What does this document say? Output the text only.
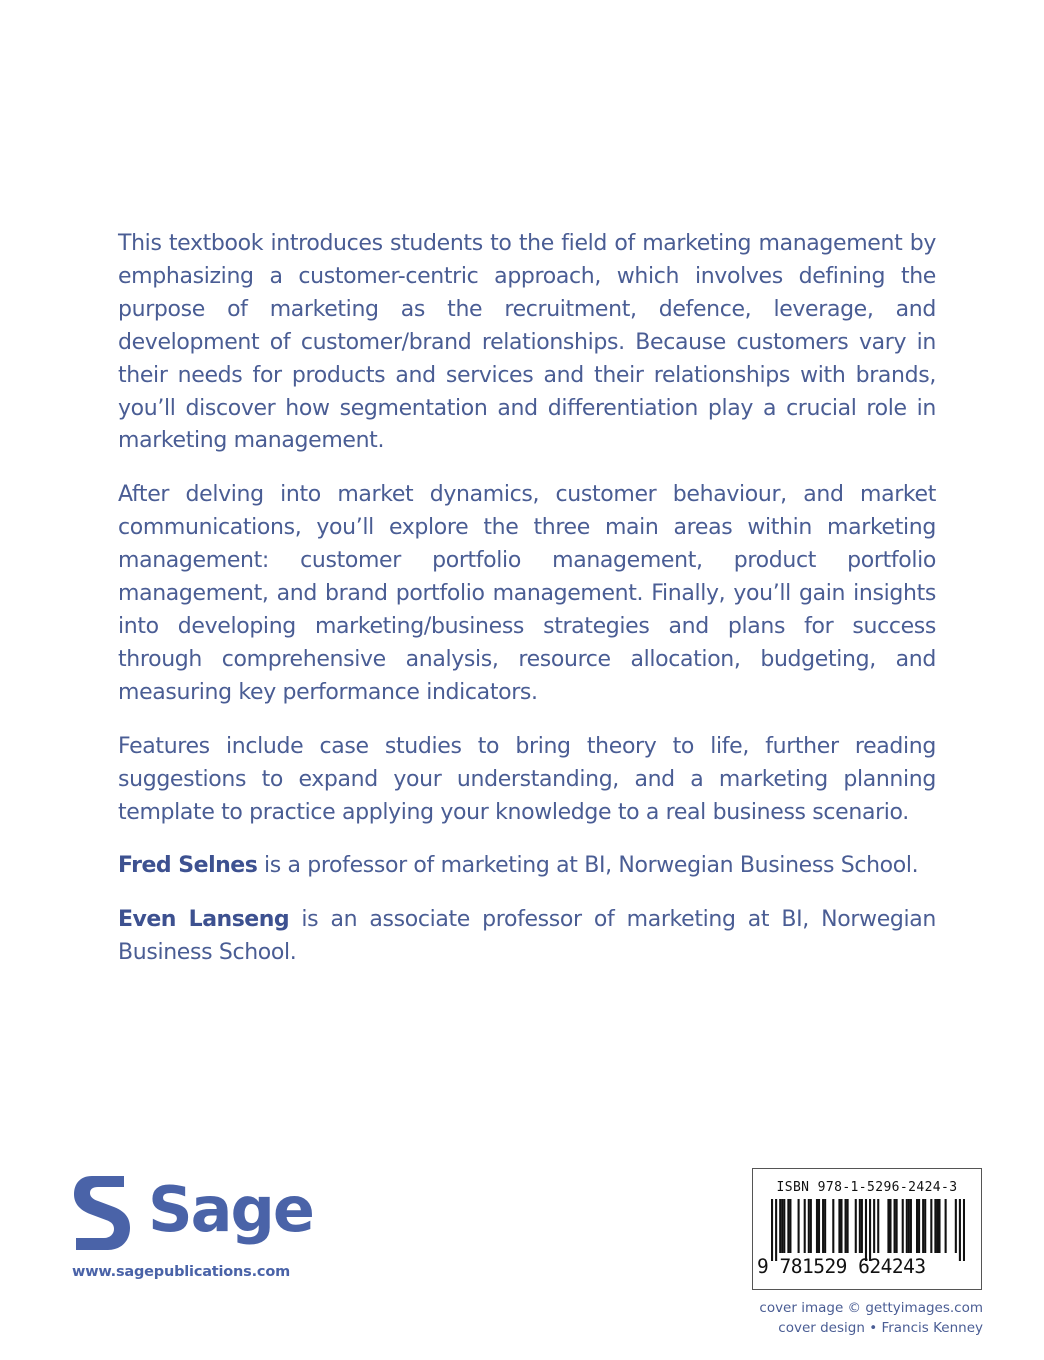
This textbook introduces students to the field of marketing management by emphasizing a customer-centric approach, which involves defining the purpose of marketing as the recruitment, defence, leverage, and development of customer/brand relationships. Because customers vary in their needs for products and services and their relationships with brands, you’ll discover how segmentation and differentiation play a crucial role in marketing management.

After delving into market dynamics, customer behaviour, and market communications, you’ll explore the three main areas within marketing management: customer portfolio management, product portfolio management, and brand portfolio management. Finally, you’ll gain insights into developing marketing/business strategies and plans for success through comprehensive analysis, resource allocation, budgeting, and measuring key performance indicators.

Features include case studies to bring theory to life, further reading suggestions to expand your understanding, and a marketing planning template to practice applying your knowledge to a real business scenario.

Fred Selnes is a professor of marketing at BI, Norwegian Business School.

Even Lanseng is an associate professor of marketing at BI, Norwegian Business School.

Sage
www.sagepublications.com
ISBN 978-1-5296-2424-3
9 781529 624243
cover image © gettyimages.com
cover design • Francis Kenney
